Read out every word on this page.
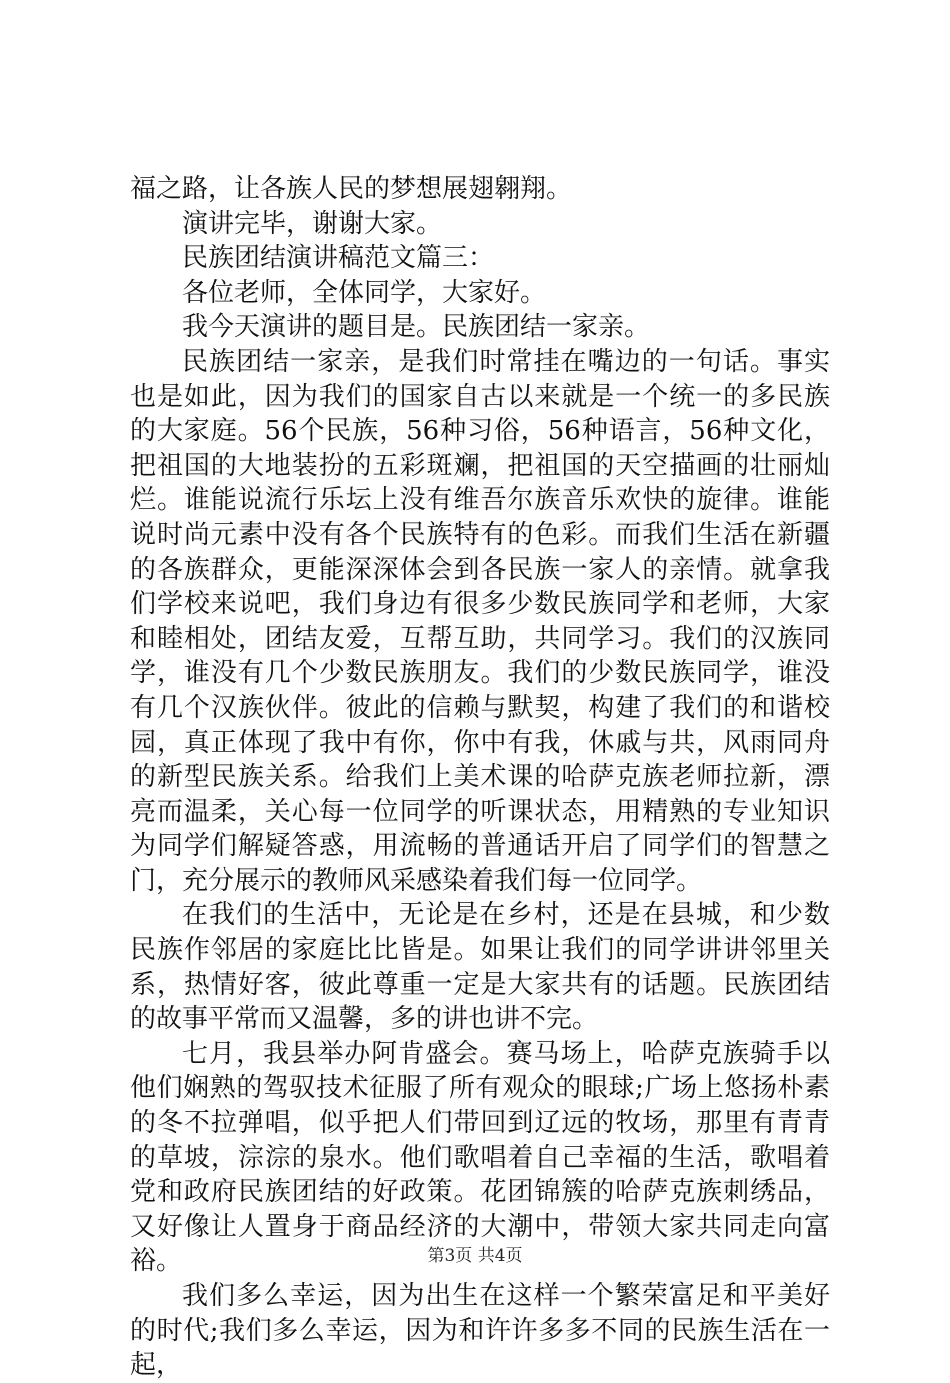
福之路，让各族人民的梦想展翅翱翔。

演讲完毕，谢谢大家。

民族团结演讲稿范文篇三：

各位老师，全体同学，大家好。

我今天演讲的题目是。民族团结一家亲。

民族团结一家亲，是我们时常挂在嘴边的一句话。事实也是如此，因为我们的国家自古以来就是一个统一的多民族的大家庭。56个民族，56种习俗，56种语言，56种文化，把祖国的大地装扮的五彩斑斓，把祖国的天空描画的壮丽灿烂。谁能说流行乐坛上没有维吾尔族音乐欢快的旋律。谁能说时尚元素中没有各个民族特有的色彩。而我们生活在新疆的各族群众，更能深深体会到各民族一家人的亲情。就拿我们学校来说吧，我们身边有很多少数民族同学和老师，大家和睦相处，团结友爱，互帮互助，共同学习。我们的汉族同学，谁没有几个少数民族朋友。我们的少数民族同学，谁没有几个汉族伙伴。彼此的信赖与默契，构建了我们的和谐校园，真正体现了我中有你，你中有我，休戚与共，风雨同舟的新型民族关系。给我们上美术课的哈萨克族老师拉新，漂亮而温柔，关心每一位同学的听课状态，用精熟的专业知识为同学们解疑答惑，用流畅的普通话开启了同学们的智慧之门，充分展示的教师风采感染着我们每一位同学。

在我们的生活中，无论是在乡村，还是在县城，和少数民族作邻居的家庭比比皆是。如果让我们的同学讲讲邻里关系，热情好客，彼此尊重一定是大家共有的话题。民族团结的故事平常而又温馨，多的讲也讲不完。

七月，我县举办阿肯盛会。赛马场上，哈萨克族骑手以他们娴熟的驾驭技术征服了所有观众的眼球;广场上悠扬朴素的冬不拉弹唱，似乎把人们带回到辽远的牧场，那里有青青的草坡，淙淙的泉水。他们歌唱着自己幸福的生活，歌唱着党和政府民族团结的好政策。花团锦簇的哈萨克族刺绣品，又好像让人置身于商品经济的大潮中，带领大家共同走向富裕。

我们多么幸运，因为出生在这样一个繁荣富足和平美好的时代;我们多么幸运，因为和许许多多不同的民族生活在一起，

第3页 共4页
